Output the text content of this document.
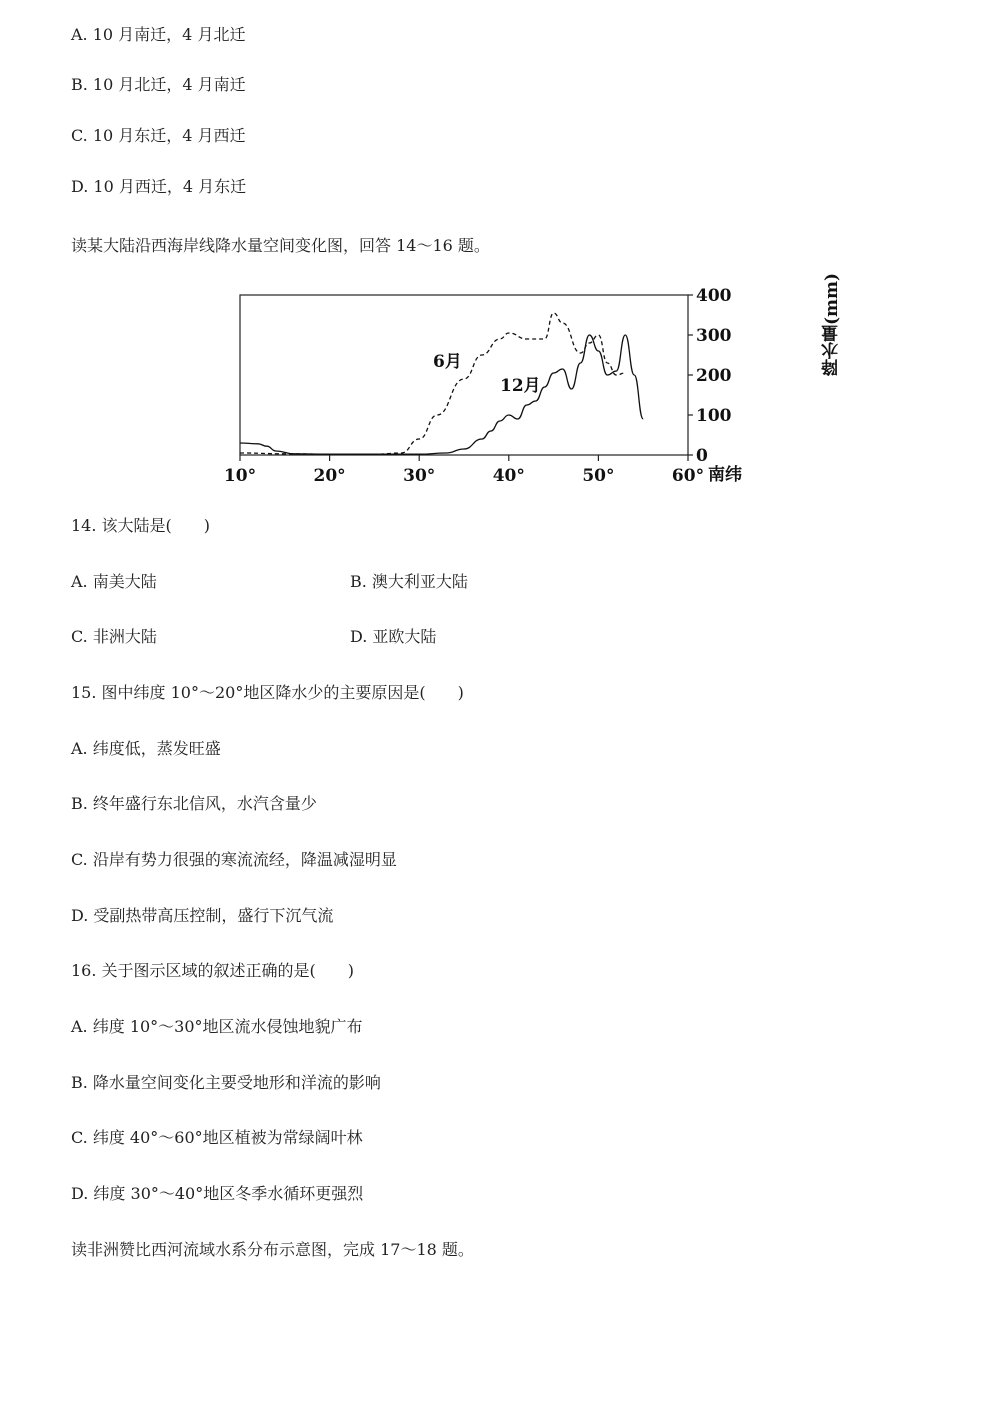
A. 10 月南迁，4 月北迁
B. 10 月北迁，4 月南迁
C. 10 月东迁，4 月西迁
D. 10 月西迁，4 月东迁
读某大陆沿西海岸线降水量空间变化图，回答 14～16 题。
10°	20°	30°	40°	50°	60°
0
100
200
300
400	降水量(mm)
南纬
6月
12月
14. 该大陆是(　　)
A. 南美大陆	B. 澳大利亚大陆
C. 非洲大陆	D. 亚欧大陆
15. 图中纬度 10°～20°地区降水少的主要原因是(　　)
A. 纬度低，蒸发旺盛
B. 终年盛行东北信风，水汽含量少
C. 沿岸有势力很强的寒流流经，降温减湿明显
D. 受副热带高压控制，盛行下沉气流
16. 关于图示区域的叙述正确的是(　　)
A. 纬度 10°～30°地区流水侵蚀地貌广布
B. 降水量空间变化主要受地形和洋流的影响
C. 纬度 40°～60°地区植被为常绿阔叶林
D. 纬度 30°～40°地区冬季水循环更强烈
读非洲赞比西河流域水系分布示意图，完成 17～18 题。
